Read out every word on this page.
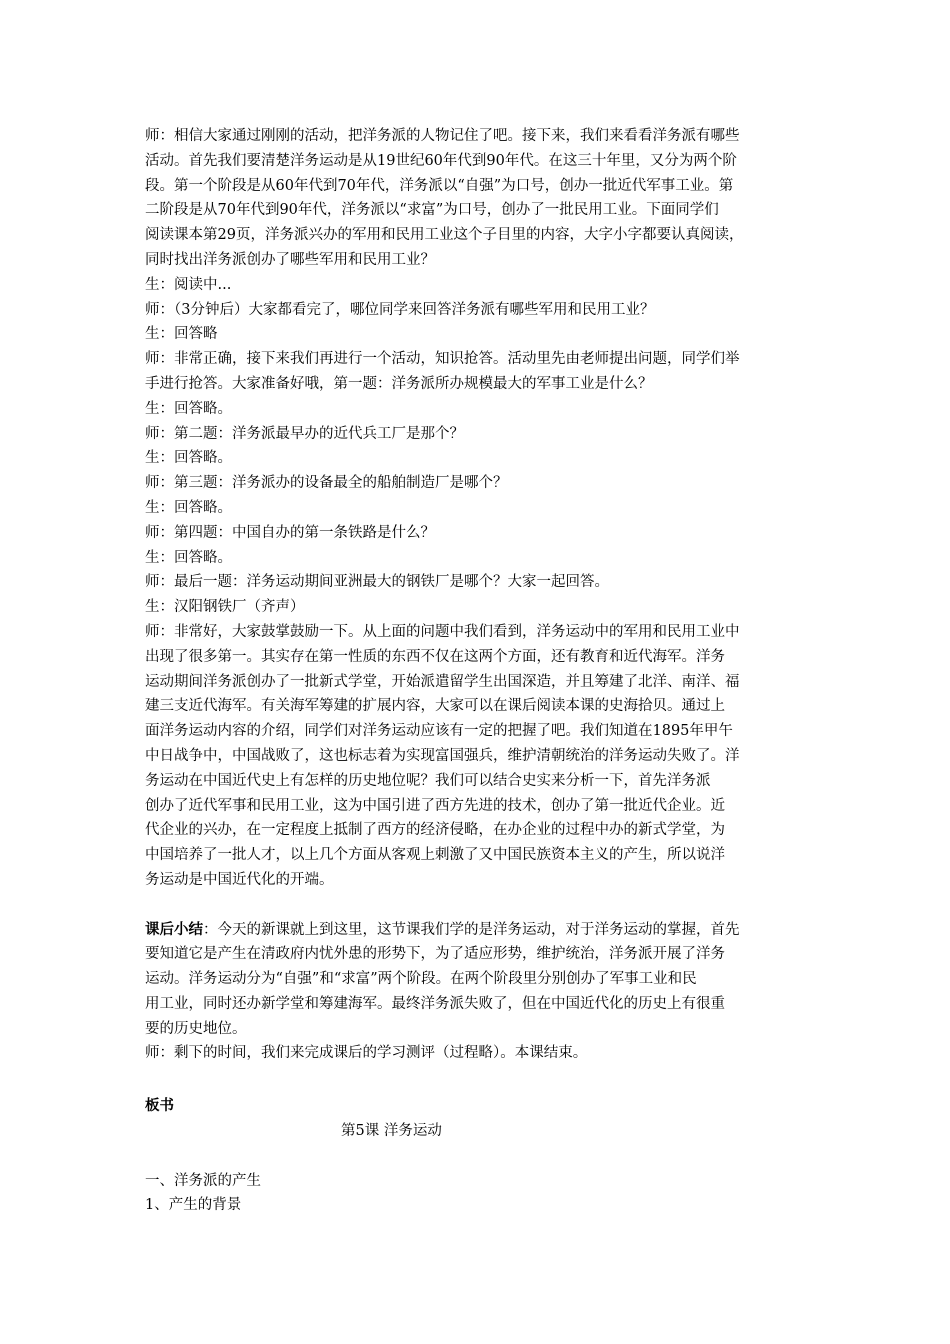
师：相信大家通过刚刚的活动，把洋务派的人物记住了吧。接下来，我们来看看洋务派有哪些
活动。首先我们要清楚洋务运动是从19世纪60年代到90年代。在这三十年里，又分为两个阶
段。第一个阶段是从60年代到70年代，洋务派以“自强”为口号，创办一批近代军事工业。第
二阶段是从70年代到90年代，洋务派以“求富”为口号，创办了一批民用工业。下面同学们
阅读课本第29页，洋务派兴办的军用和民用工业这个子目里的内容，大字小字都要认真阅读，
同时找出洋务派创办了哪些军用和民用工业？
生：阅读中...
师：（3分钟后）大家都看完了，哪位同学来回答洋务派有哪些军用和民用工业？
生：回答略
师：非常正确，接下来我们再进行一个活动，知识抢答。活动里先由老师提出问题，同学们举
手进行抢答。大家准备好哦，第一题：洋务派所办规模最大的军事工业是什么？
生：回答略。
师：第二题：洋务派最早办的近代兵工厂是那个？
生：回答略。
师：第三题：洋务派办的设备最全的船舶制造厂是哪个？
生：回答略。
师：第四题：中国自办的第一条铁路是什么？
生：回答略。
师：最后一题：洋务运动期间亚洲最大的钢铁厂是哪个？大家一起回答。
生：汉阳钢铁厂（齐声）
师：非常好，大家鼓掌鼓励一下。从上面的问题中我们看到，洋务运动中的军用和民用工业中
出现了很多第一。其实存在第一性质的东西不仅在这两个方面，还有教育和近代海军。洋务
运动期间洋务派创办了一批新式学堂，开始派遣留学生出国深造，并且筹建了北洋、南洋、福
建三支近代海军。有关海军筹建的扩展内容，大家可以在课后阅读本课的史海拾贝。通过上
面洋务运动内容的介绍，同学们对洋务运动应该有一定的把握了吧。我们知道在1895年甲午
中日战争中，中国战败了，这也标志着为实现富国强兵，维护清朝统治的洋务运动失败了。洋
务运动在中国近代史上有怎样的历史地位呢？我们可以结合史实来分析一下，首先洋务派
创办了近代军事和民用工业，这为中国引进了西方先进的技术，创办了第一批近代企业。近
代企业的兴办，在一定程度上抵制了西方的经济侵略，在办企业的过程中办的新式学堂，为
中国培养了一批人才，以上几个方面从客观上刺激了又中国民族资本主义的产生，所以说洋
务运动是中国近代化的开端。
课后小结：今天的新课就上到这里，这节课我们学的是洋务运动，对于洋务运动的掌握，首先
要知道它是产生在清政府内忧外患的形势下，为了适应形势，维护统治，洋务派开展了洋务
运动。洋务运动分为“自强”和“求富”两个阶段。在两个阶段里分别创办了军事工业和民
用工业，同时还办新学堂和筹建海军。最终洋务派失败了，但在中国近代化的历史上有很重
要的历史地位。
师：剩下的时间，我们来完成课后的学习测评（过程略）。本课结束。
板书
第5课 洋务运动
一、洋务派的产生
1、产生的背景
